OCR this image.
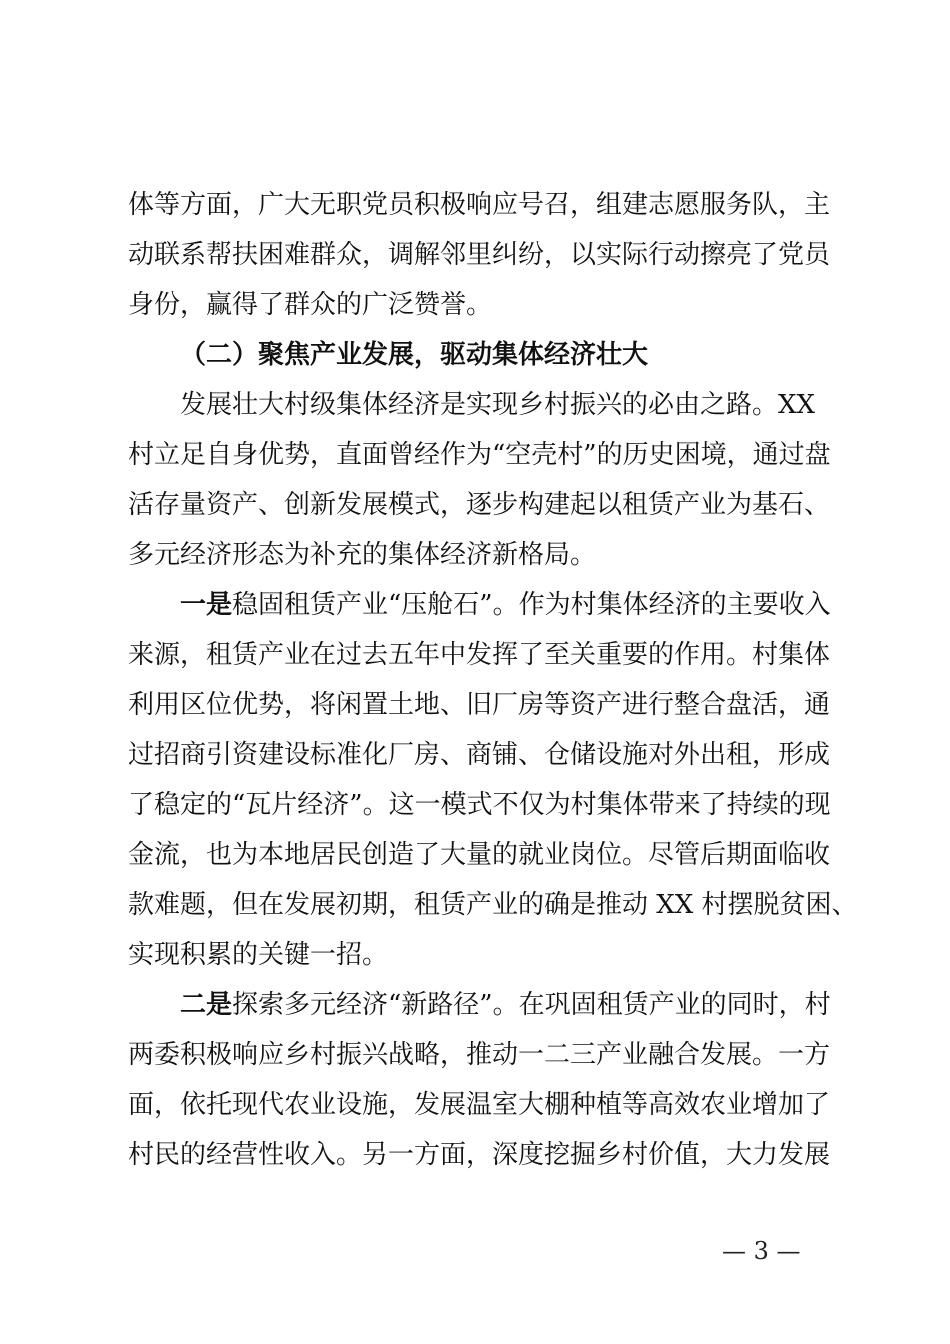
体等方面，广大无职党员积极响应号召，组建志愿服务队，主
动联系帮扶困难群众，调解邻里纠纷，以实际行动擦亮了党员
身份，赢得了群众的广泛赞誉。
（二）聚焦产业发展，驱动集体经济壮大
发展壮大村级集体经济是实现乡村振兴的必由之路。XX
村立足自身优势，直面曾经作为“空壳村”的历史困境，通过盘
活存量资产、创新发展模式，逐步构建起以租赁产业为基石、
多元经济形态为补充的集体经济新格局。
一是稳固租赁产业“压舱石”。作为村集体经济的主要收入
来源，租赁产业在过去五年中发挥了至关重要的作用。村集体
利用区位优势，将闲置土地、旧厂房等资产进行整合盘活，通
过招商引资建设标准化厂房、商铺、仓储设施对外出租，形成
了稳定的“瓦片经济”。这一模式不仅为村集体带来了持续的现
金流，也为本地居民创造了大量的就业岗位。尽管后期面临收
款难题，但在发展初期，租赁产业的确是推动 XX 村摆脱贫困、
实现积累的关键一招。
二是探索多元经济“新路径”。在巩固租赁产业的同时，村
两委积极响应乡村振兴战略，推动一二三产业融合发展。一方
面，依托现代农业设施，发展温室大棚种植等高效农业增加了
村民的经营性收入。另一方面，深度挖掘乡村价值，大力发展
— 3 —
